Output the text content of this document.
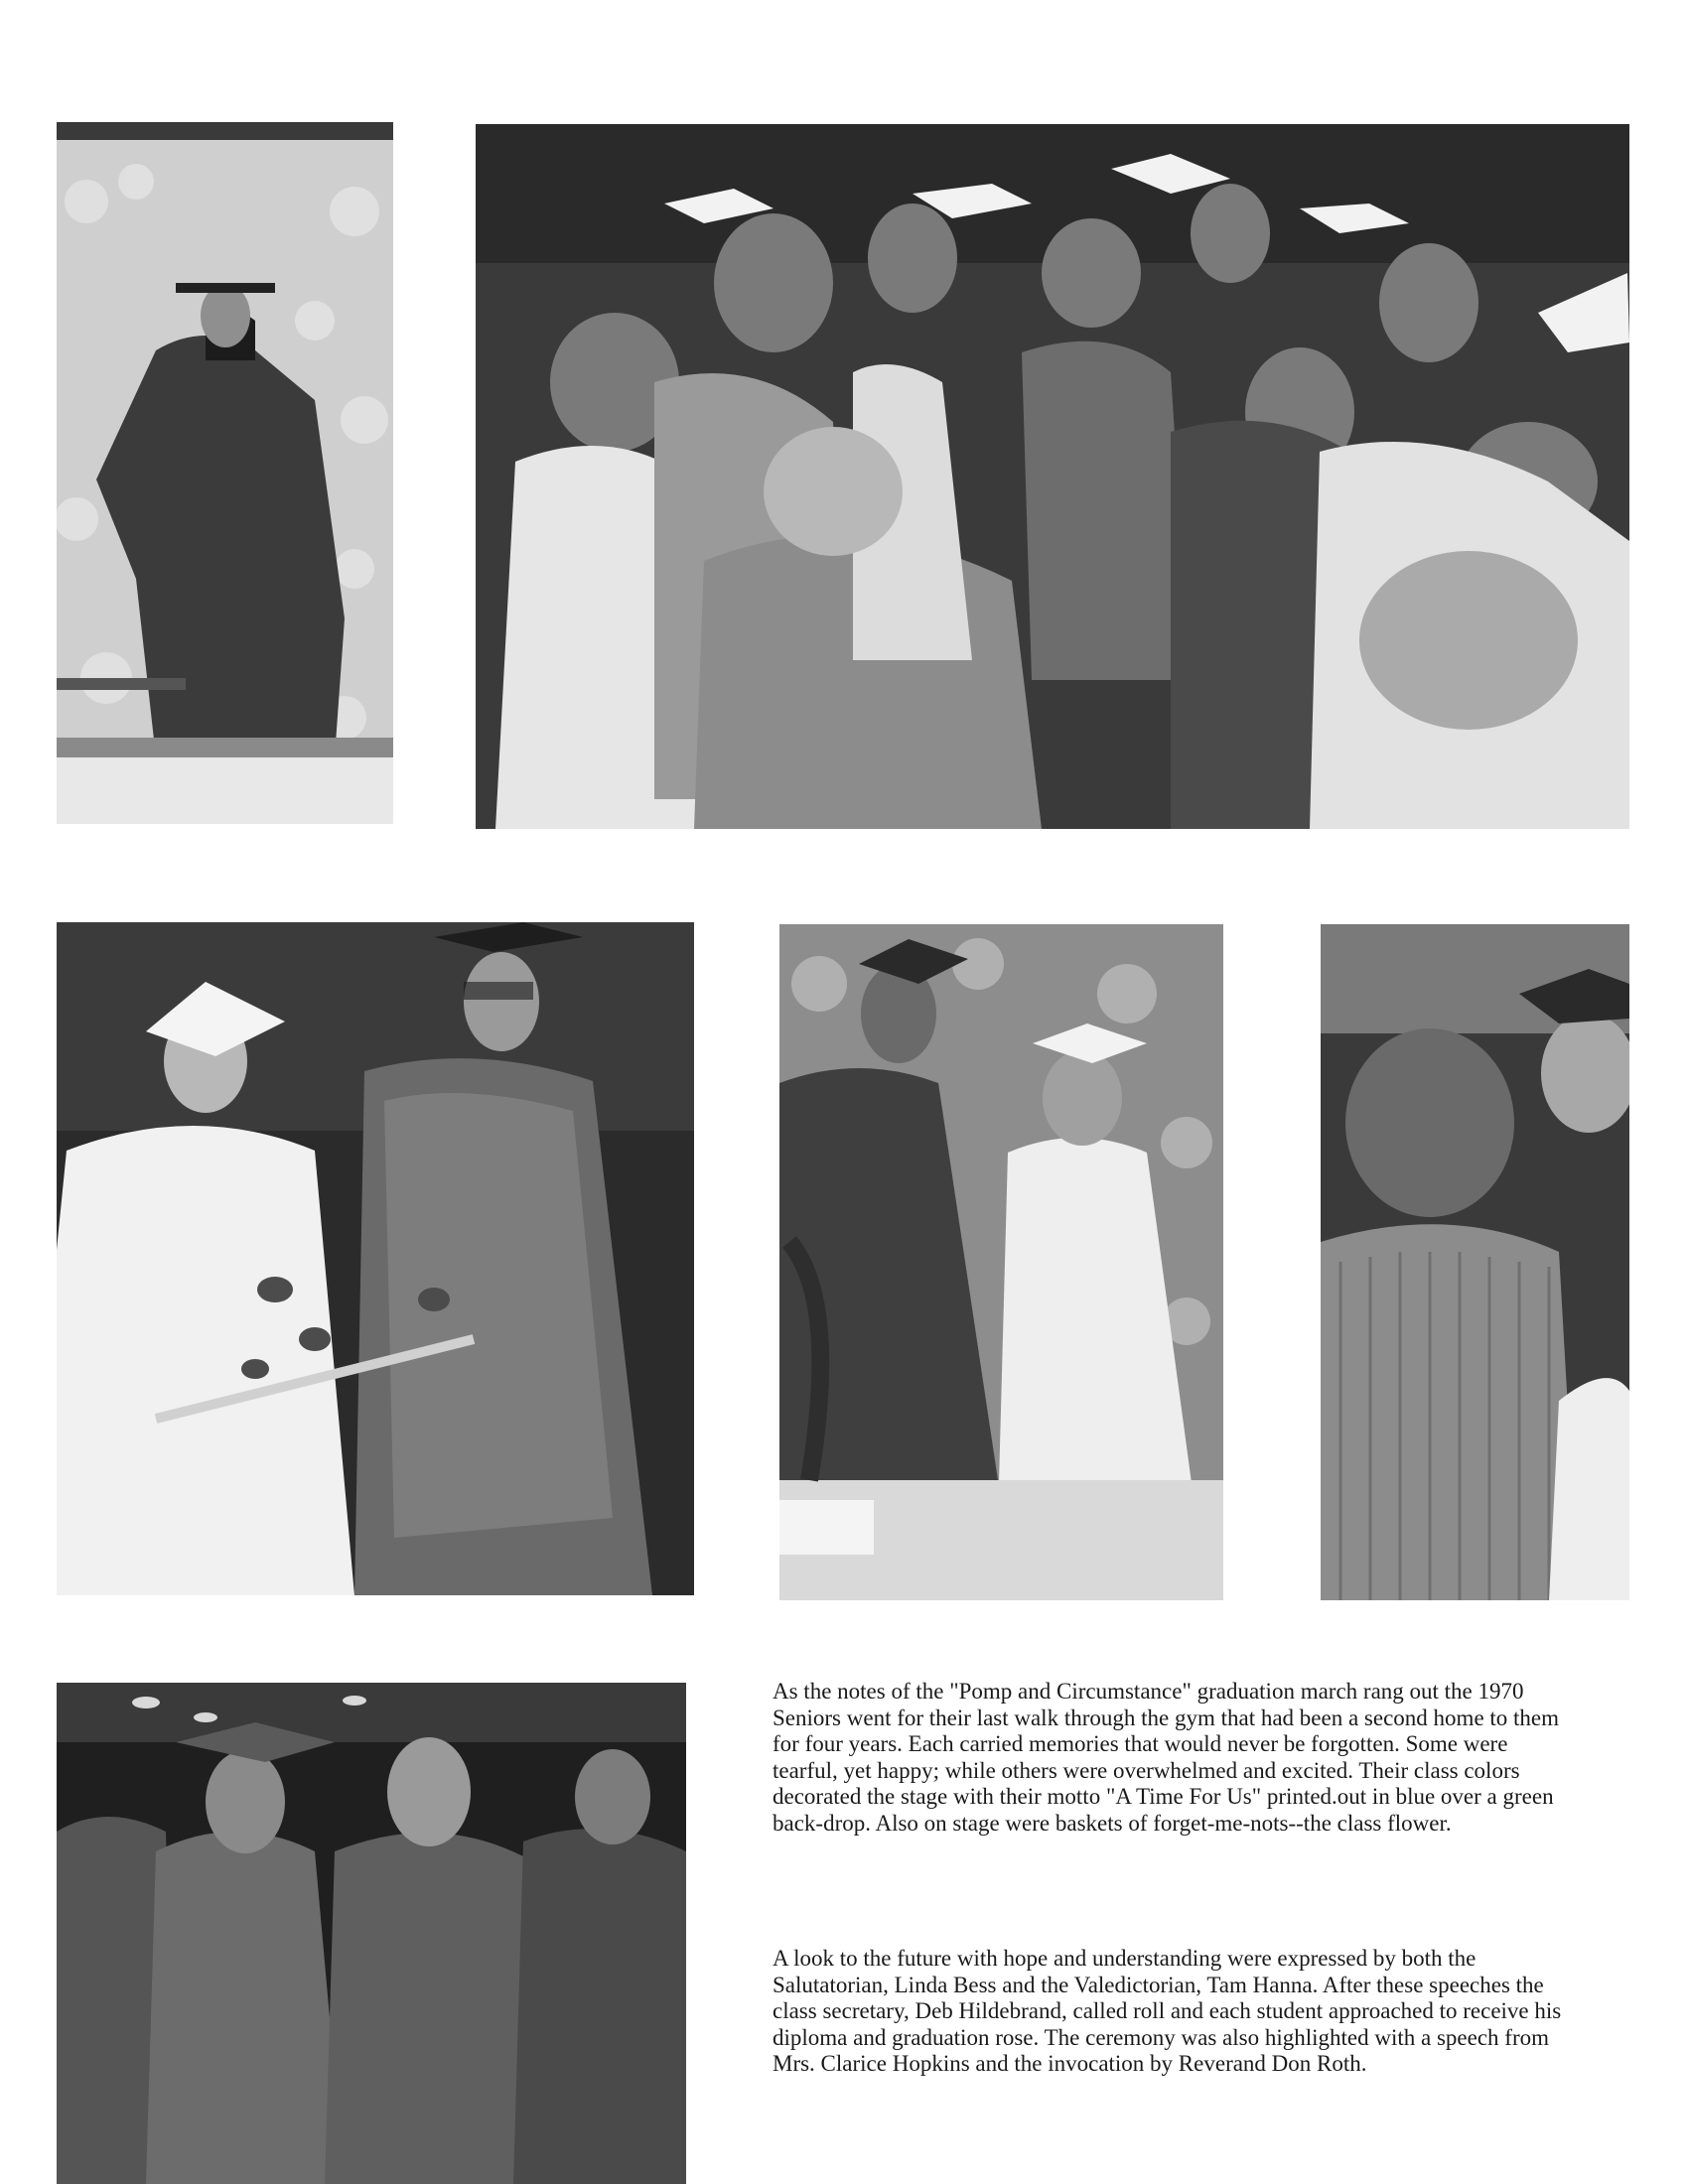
As the notes of the "Pomp and Circumstance" graduation march rang out the 1970 Seniors went for their last walk through the gym that had been a second home to them for four years. Each carried memories that would never be forgotten. Some were tearful, yet happy; while others were overwhelmed and excited. Their class colors decorated the stage with their motto "A Time For Us" printed.out in blue over a green back-drop. Also on stage were baskets of forget-me-nots--the class flower.

A look to the future with hope and understanding were expressed by both the Salutatorian, Linda Bess and the Valedictorian, Tam Hanna. After these speeches the class secretary, Deb Hildebrand, called roll and each student approached to receive his diploma and graduation rose. The ceremony was also highlighted with a speech from Mrs. Clarice Hopkins and the invocation by Reverand Don Roth.
